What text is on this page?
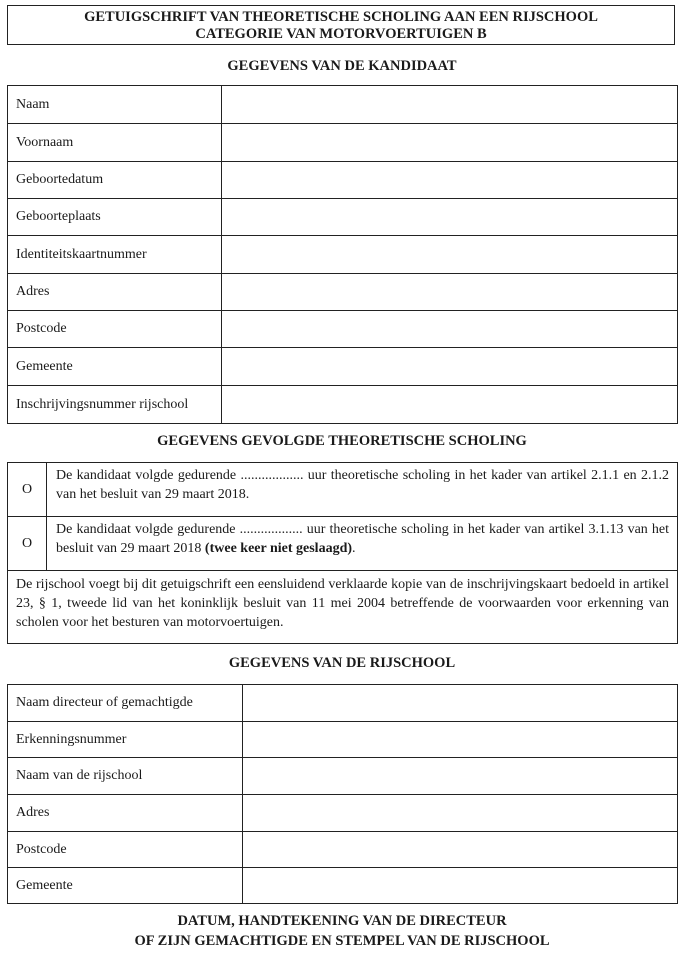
GETUIGSCHRIFT VAN THEORETISCHE SCHOLING AAN EEN RIJSCHOOL
CATEGORIE VAN MOTORVOERTUIGEN B
GEGEVENS VAN DE KANDIDAAT
Naam	
Voornaam	
Geboortedatum	
Geboorteplaats	
Identiteitskaartnummer	
Adres	
Postcode	
Gemeente	
Inschrijvingsnummer rijschool	
GEGEVENS GEVOLGDE THEORETISCHE SCHOLING
O
De kandidaat volgde gedurende .................. uur theoretische scholing in het kader van artikel 2.1.1 en 2.1.2 van het besluit van 29 maart 2018.
O
De kandidaat volgde gedurende .................. uur theoretische scholing in het kader van artikel 3.1.13 van het besluit van 29 maart 2018 (twee keer niet geslaagd).
De rijschool voegt bij dit getuigschrift een eensluidend verklaarde kopie van de inschrijvingskaart bedoeld in artikel 23, § 1, tweede lid van het koninklijk besluit van 11 mei 2004 betreffende de voorwaarden voor erkenning van scholen voor het besturen van motorvoertuigen.
GEGEVENS VAN DE RIJSCHOOL
Naam directeur of gemachtigde	
Erkenningsnummer	
Naam van de rijschool	
Adres	
Postcode	
Gemeente	
DATUM, HANDTEKENING VAN DE DIRECTEUR
OF ZIJN GEMACHTIGDE EN STEMPEL VAN DE RIJSCHOOL
